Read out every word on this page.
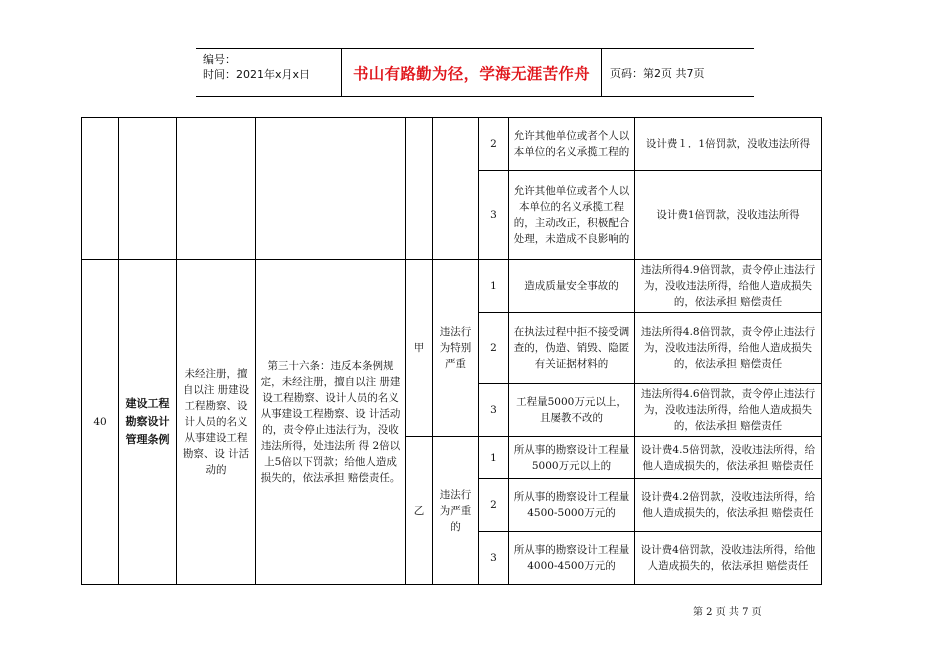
编号：
时间：2021年x月x日	书山有路勤为径，学海无涯苦作舟	页码：第2页 共7页
						2	允许其他单位或者个人以本单位的名义承揽工程的	设计费１．1倍罚款，没收违法所得
						3	允许其他单位或者个人以本单位的名义承揽工程的，主动改正，积极配合处理，未造成不良影响的	设计费1倍罚款，没收违法所得
40	建设工程勘察设计管理条例	未经注册，擅自以注 册建设工程勘察、设计人员的名义从事建设工程勘察、设 计活动的	第三十六条：违反本条例规定，未经注册，擅自以注 册建设工程勘察、设计人员的名义从事建设工程勘察、设 计活动的，责令停止违法行为，没收违法所得，处违法所 得 2倍以上5倍以下罚款；给他人造成损失的，依法承担 赔偿责任。	甲	违法行为特别严重	1	造成质量安全事故的	违法所得4.9倍罚款，责令停止违法行为，没收违法所得，给他人造成损失的，依法承担 赔偿责任
						2	在执法过程中拒不接受调查的，伪造、销毁、隐匿有关证据材料的	违法所得4.8倍罚款，责令停止违法行为，没收违法所得，给他人造成损失的，依法承担 赔偿责任
						3	工程量5000万元以上，且屡教不改的	违法所得4.6倍罚款，责令停止违法行为，没收违法所得，给他人造成损失的，依法承担 赔偿责任
				乙	违法行为严重的	1	所从事的勘察设计工程量5000万元以上的	设计费4.5倍罚款，没收违法所得，给他人造成损失的，依法承担 赔偿责任
						2	所从事的勘察设计工程量4500-5000万元的	设计费4.2倍罚款，没收违法所得，给他人造成损失的，依法承担 赔偿责任
						3	所从事的勘察设计工程量4000-4500万元的	设计费4倍罚款，没收违法所得，给他人造成损失的，依法承担 赔偿责任
第 2 页 共 7 页
